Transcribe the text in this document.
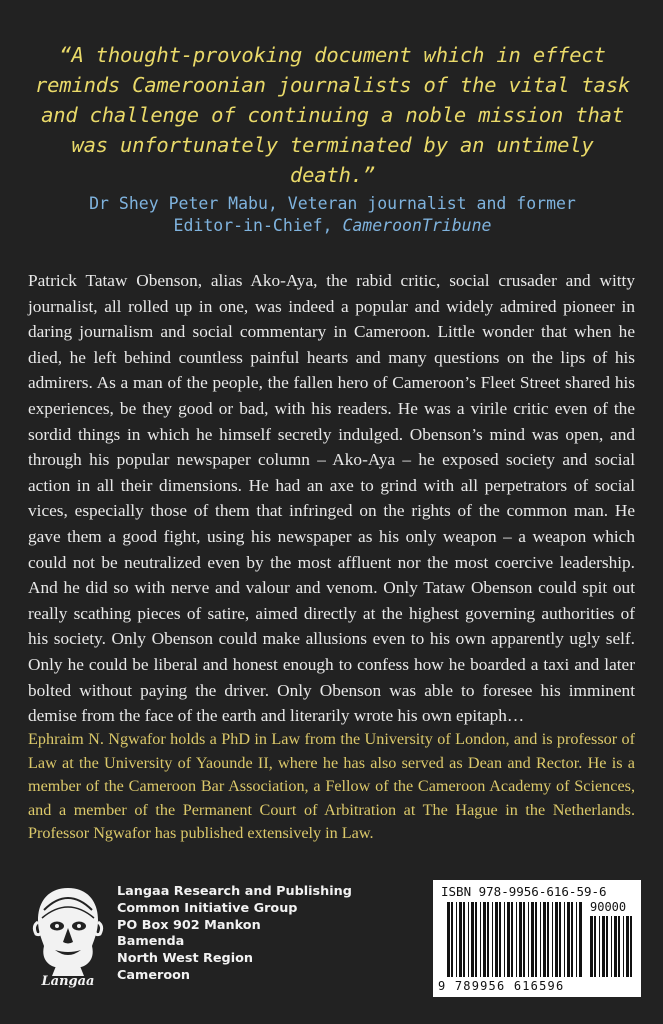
“A thought-provoking document which in effect reminds Cameroonian journalists of the vital task and challenge of continuing a noble mission that was unfortunately terminated by an untimely death.”
Dr Shey Peter Mabu, Veteran journalist and former
Editor-in-Chief, CameroonTribune
Patrick Tataw Obenson, alias Ako-Aya, the rabid critic, social crusader and witty journalist, all rolled up in one, was indeed a popular and widely admired pioneer in daring journalism and social commentary in Cameroon. Little wonder that when he died, he left behind countless painful hearts and many questions on the lips of his admirers. As a man of the people, the fallen hero of Cameroon’s Fleet Street shared his experiences, be they good or bad, with his readers. He was a virile critic even of the sordid things in which he himself secretly indulged. Obenson’s mind was open, and through his popular newspaper column – Ako-Aya – he exposed society and social action in all their dimensions. He had an axe to grind with all perpetrators of social vices, especially those of them that infringed on the rights of the common man. He gave them a good fight, using his newspaper as his only weapon – a weapon which could not be neutralized even by the most affluent nor the most coercive leadership. And he did so with nerve and valour and venom. Only Tataw Obenson could spit out really scathing pieces of satire, aimed directly at the highest governing authorities of his society. Only Obenson could make allusions even to his own apparently ugly self. Only he could be liberal and honest enough to confess how he boarded a taxi and later bolted without paying the driver. Only Obenson was able to foresee his imminent demise from the face of the earth and literarily wrote his own epitaph…
Ephraim N. Ngwafor holds a PhD in Law from the University of London, and is professor of Law at the University of Yaounde II, where he has also served as Dean and Rector. He is a member of the Cameroon Bar Association, a Fellow of the Cameroon Academy of Sciences, and a member of the Permanent Court of Arbitration at The Hague in the Netherlands. Professor Ngwafor has published extensively in Law.
Langaa
Langaa Research and Publishing
Common Initiative Group
PO Box 902 Mankon
Bamenda
North West Region
Cameroon
ISBN 978-9956-616-59-6
90000
9 789956 616596
